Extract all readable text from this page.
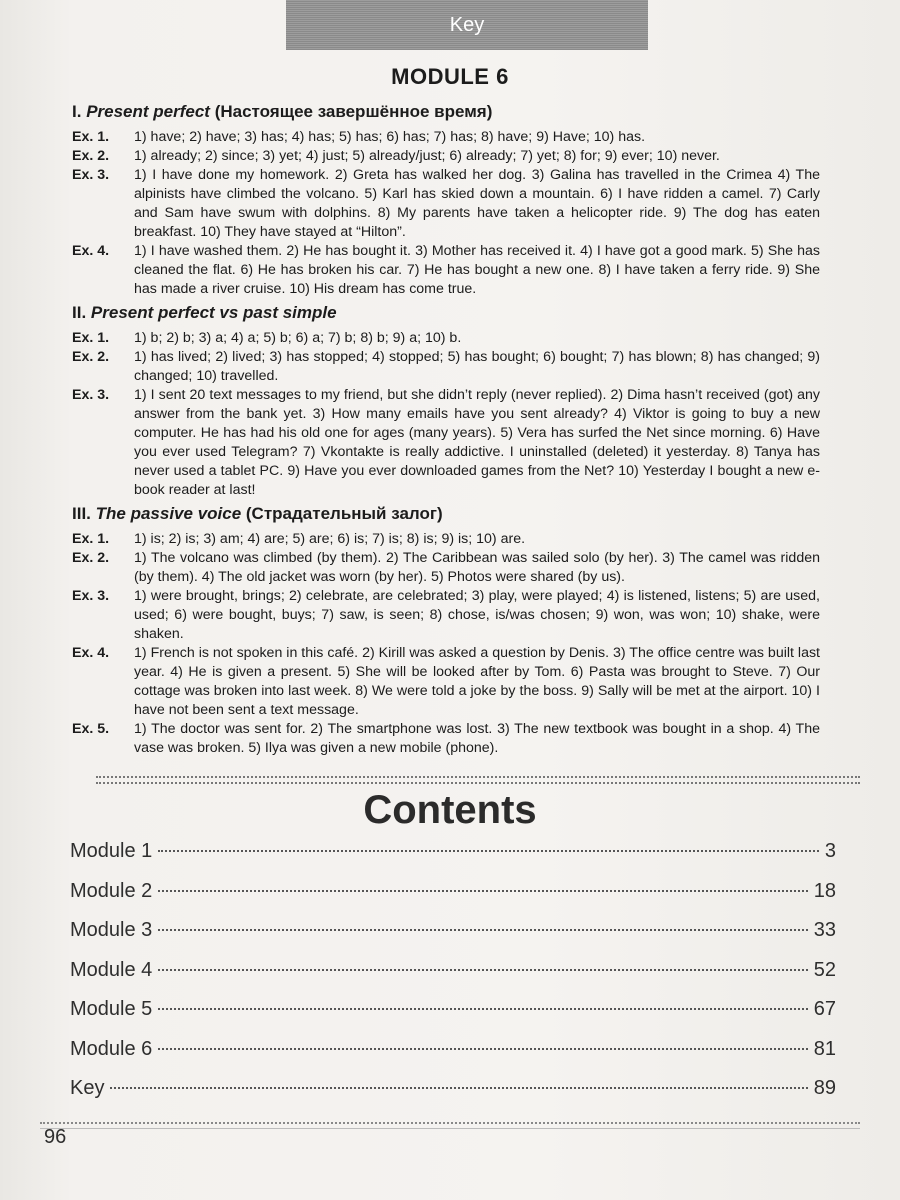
Key
MODULE 6
I. Present perfect (Настоящее завершённое время)
Ex. 1.	1) have; 2) have; 3) has; 4) has; 5) has; 6) has; 7) has; 8) have; 9) Have; 10) has.
Ex. 2.	1) already; 2) since; 3) yet; 4) just; 5) already/just; 6) already; 7) yet; 8) for; 9) ever; 10) never.
Ex. 3.	1) I have done my homework. 2) Greta has walked her dog. 3) Galina has travelled in the Crimea 4) The alpinists have climbed the volcano. 5) Karl has skied down a mountain. 6) I have ridden a camel. 7) Carly and Sam have swum with dolphins. 8) My parents have taken a helicopter ride. 9) The dog has eaten breakfast. 10) They have stayed at “Hilton”.
Ex. 4.	1) I have washed them. 2) He has bought it. 3) Mother has received it. 4) I have got a good mark. 5) She has cleaned the flat. 6) He has broken his car. 7) He has bought a new one. 8) I have taken a ferry ride. 9) She has made a river cruise. 10) His dream has come true.
II. Present perfect vs past simple
Ex. 1.	1) b; 2) b; 3) a; 4) a; 5) b; 6) a; 7) b; 8) b; 9) a; 10) b.
Ex. 2.	1) has lived; 2) lived; 3) has stopped; 4) stopped; 5) has bought; 6) bought; 7) has blown; 8) has changed; 9) changed; 10) travelled.
Ex. 3.	1) I sent 20 text messages to my friend, but she didn’t reply (never replied). 2) Dima hasn’t received (got) any answer from the bank yet. 3) How many emails have you sent already? 4) Viktor is going to buy a new computer. He has had his old one for ages (many years). 5) Vera has surfed the Net since morning. 6) Have you ever used Telegram? 7) Vkontakte is really addictive. I uninstalled (deleted) it yesterday. 8) Tanya has never used a tablet PC. 9) Have you ever downloaded games from the Net? 10) Yesterday I bought a new e-book reader at last!
III. The passive voice (Страдательный залог)
Ex. 1.	1) is; 2) is; 3) am; 4) are; 5) are; 6) is; 7) is; 8) is; 9) is; 10) are.
Ex. 2.	1) The volcano was climbed (by them). 2) The Caribbean was sailed solo (by her). 3) The camel was ridden (by them). 4) The old jacket was worn (by her). 5) Photos were shared (by us).
Ex. 3.	1) were brought, brings; 2) celebrate, are celebrated; 3) play, were played; 4) is listened, listens; 5) are used, used; 6) were bought, buys; 7) saw, is seen; 8) chose, is/was chosen; 9) won, was won; 10) shake, were shaken.
Ex. 4.	1) French is not spoken in this café. 2) Kirill was asked a question by Denis. 3) The office centre was built last year. 4) He is given a present. 5) She will be looked after by Tom. 6) Pasta was brought to Steve. 7) Our cottage was broken into last week. 8) We were told a joke by the boss. 9) Sally will be met at the airport. 10) I have not been sent a text message.
Ex. 5.	1) The doctor was sent for. 2) The smartphone was lost. 3) The new textbook was bought in a shop. 4) The vase was broken. 5) Ilya was given a new mobile (phone).
Contents
Module 1	3
Module 2	18
Module 3	33
Module 4	52
Module 5	67
Module 6	81
Key	89
96
